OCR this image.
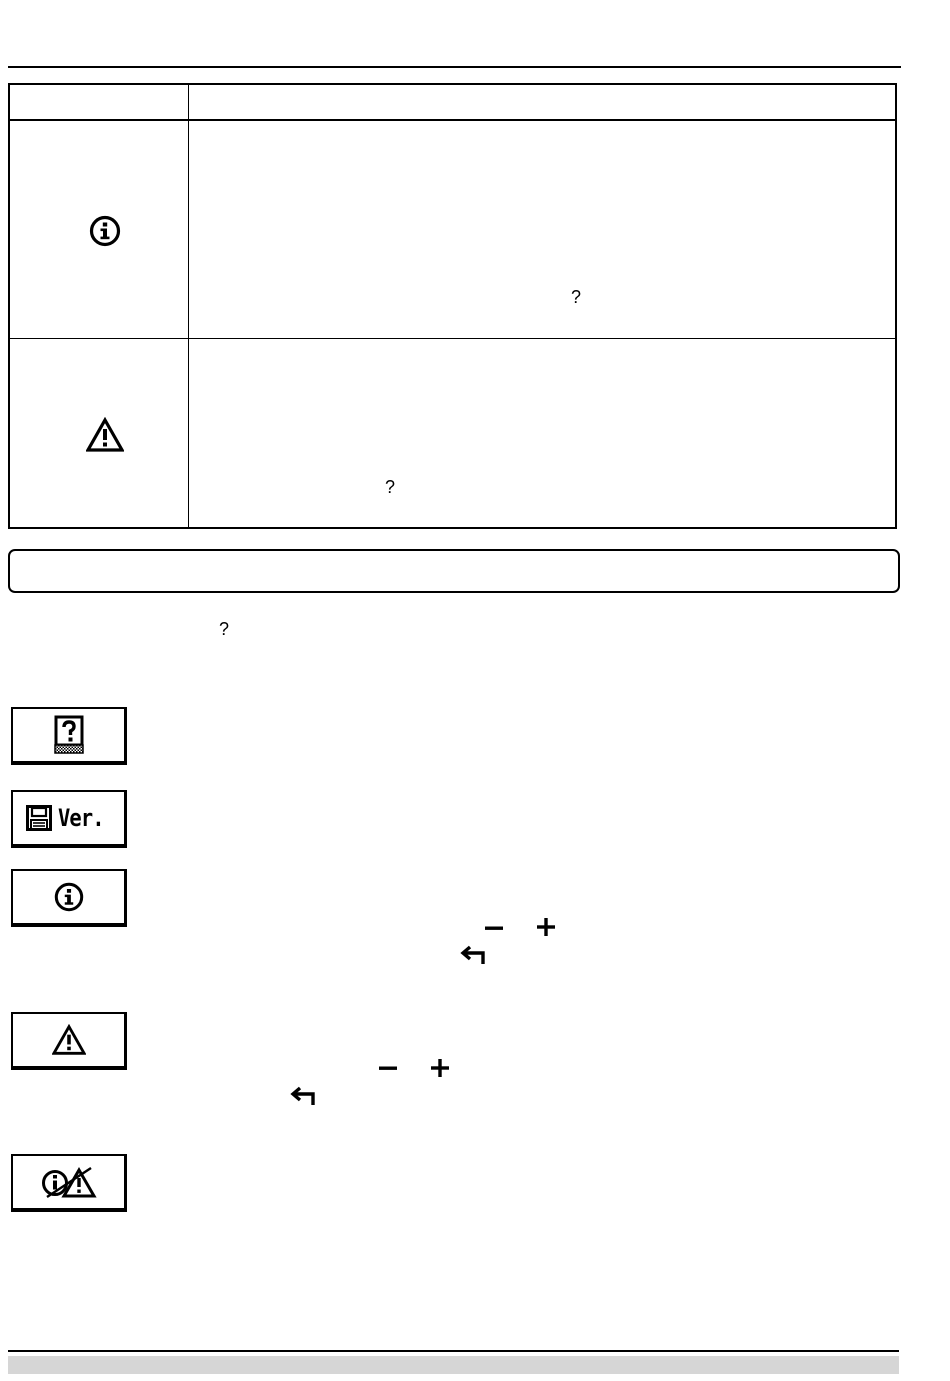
?
?
?
Ver.
